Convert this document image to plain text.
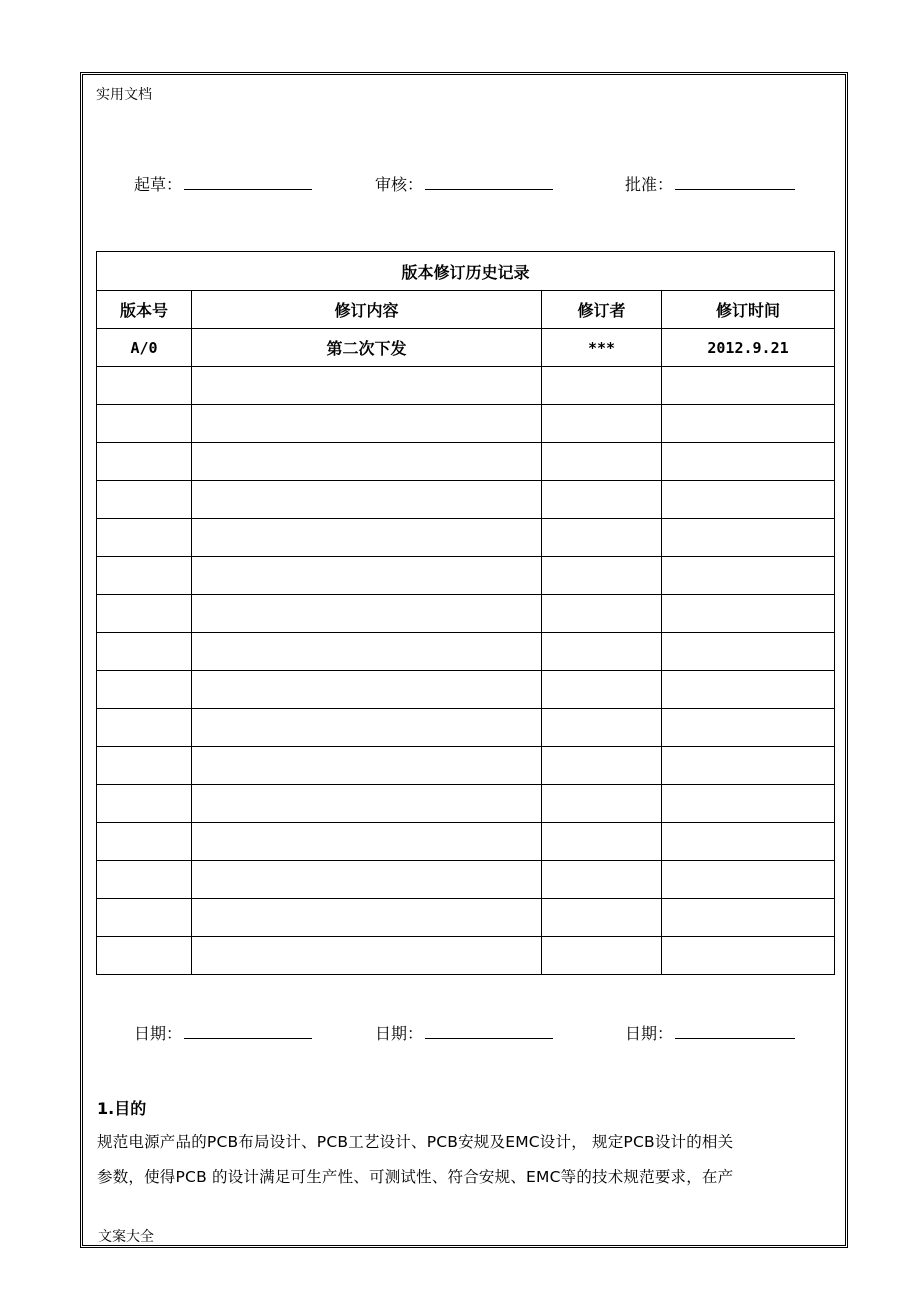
实用文档
起草：	审核：	批准：
版本修订历史记录			
版本号	修订内容	修订者	修订时间
A/0	第二次下发	***	2012.9.21

日期：	日期：	日期：
1.目的
规范电源产品的PCB布局设计、PCB工艺设计、PCB安规及EMC设计， 规定PCB设计的相关
参数，使得PCB 的设计满足可生产性、可测试性、符合安规、EMC等的技术规范要求，在产
文案大全
